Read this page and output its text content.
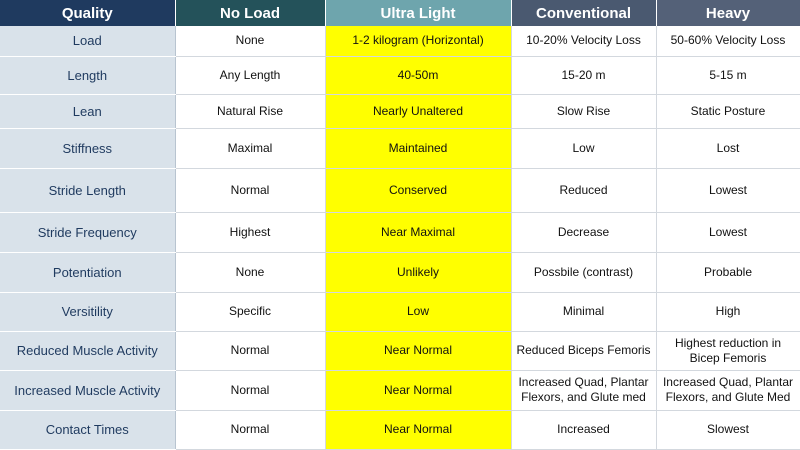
Quality	No Load	Ultra Light	Conventional	Heavy
Load	None	1-2 kilogram (Horizontal)	10-20% Velocity Loss	50-60% Velocity Loss
Length	Any Length	40-50m	15-20 m	5-15 m
Lean	Natural Rise	Nearly Unaltered	Slow Rise	Static Posture
Stiffness	Maximal	Maintained	Low	Lost
Stride Length	Normal	Conserved	Reduced	Lowest
Stride Frequency	Highest	Near Maximal	Decrease	Lowest
Potentiation	None	Unlikely	Possbile (contrast)	Probable
Versitility	Specific	Low	Minimal	High
Reduced Muscle Activity	Normal	Near Normal	Reduced Biceps Femoris	Highest reduction in Bicep Femoris
Increased Muscle Activity	Normal	Near Normal	Increased Quad, Plantar Flexors, and Glute med	Increased Quad, Plantar Flexors, and Glute Med
Contact Times	Normal	Near Normal	Increased	Slowest
